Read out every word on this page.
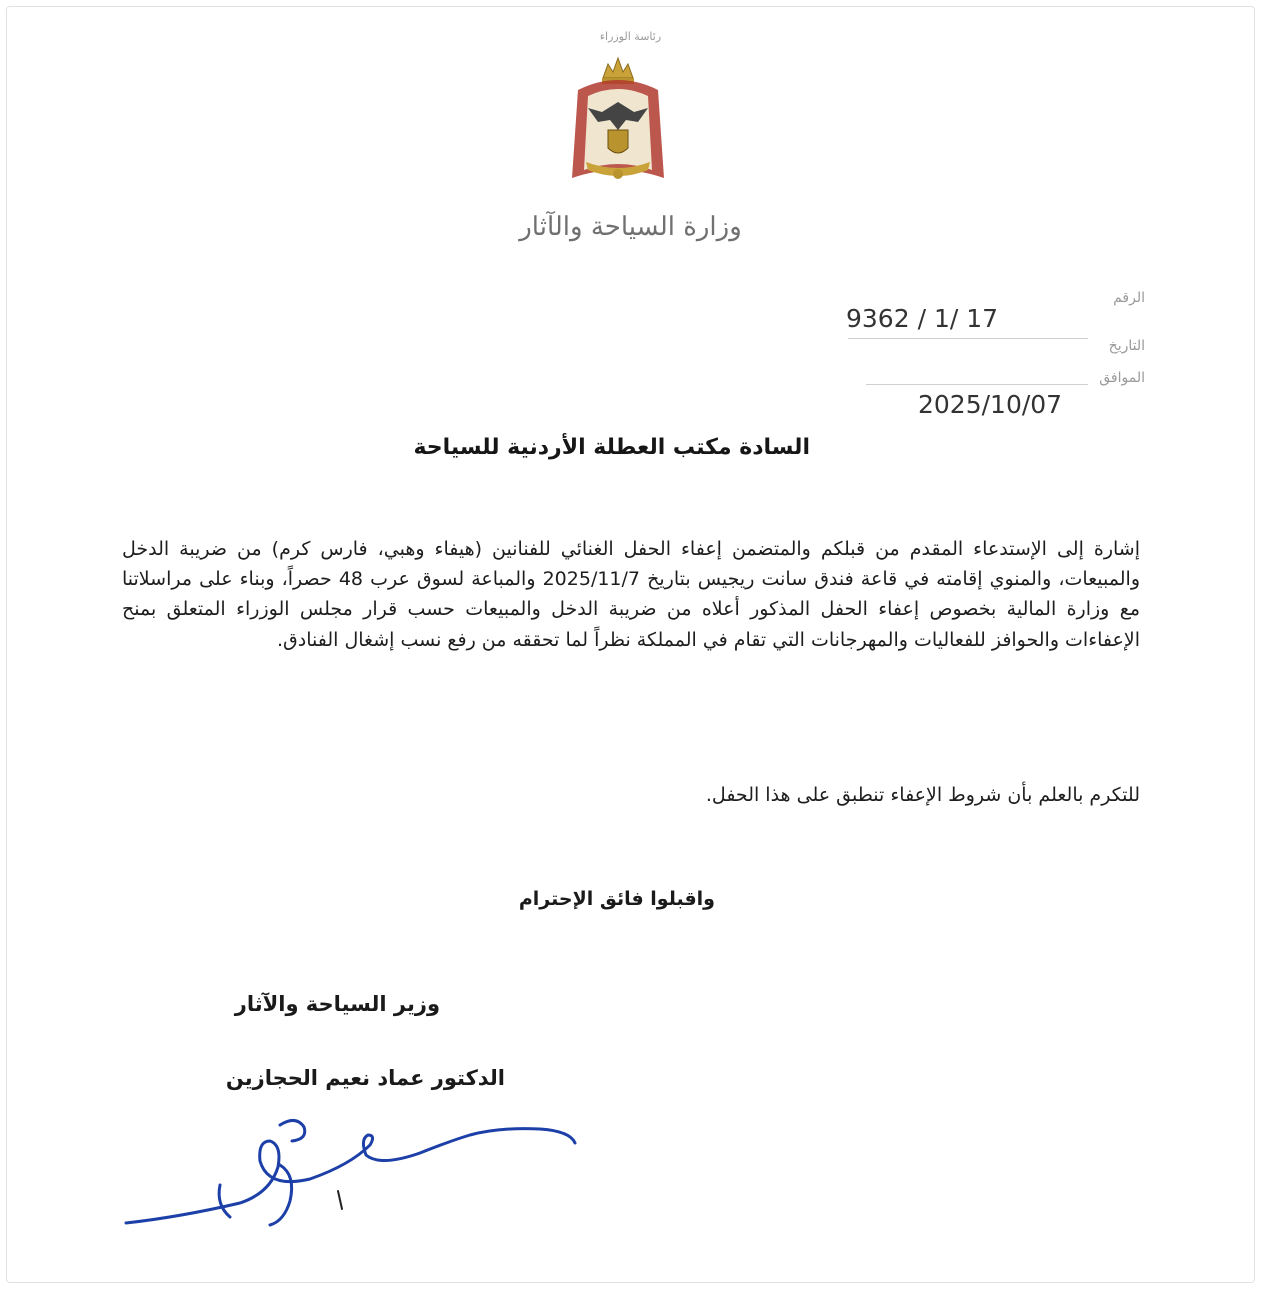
رئاسة الوزراء
وزارة السياحة والآثار
الرقم
9362 / 1/ 17
التاريخ
الموافق
2025/10/07
السادة مكتب العطلة الأردنية للسياحة
إشارة إلى الإستدعاء المقدم من قبلكم والمتضمن إعفاء الحفل الغنائي للفنانين (هيفاء وهبي، فارس كرم) من ضريبة الدخل والمبيعات، والمنوي إقامته في قاعة فندق سانت ريجيس بتاريخ 2025/11/7 والمباعة لسوق عرب 48 حصراً، وبناء على مراسلاتنا مع وزارة المالية بخصوص إعفاء الحفل المذكور أعلاه من ضريبة الدخل والمبيعات حسب قرار مجلس الوزراء المتعلق بمنح الإعفاءات والحوافز للفعاليات والمهرجانات التي تقام في المملكة نظراً لما تحققه من رفع نسب إشغال الفنادق.
للتكرم بالعلم بأن شروط الإعفاء تنطبق على هذا الحفل.
واقبلوا فائق الإحترام
وزير السياحة والآثار
الدكتور عماد نعيم الحجازين
